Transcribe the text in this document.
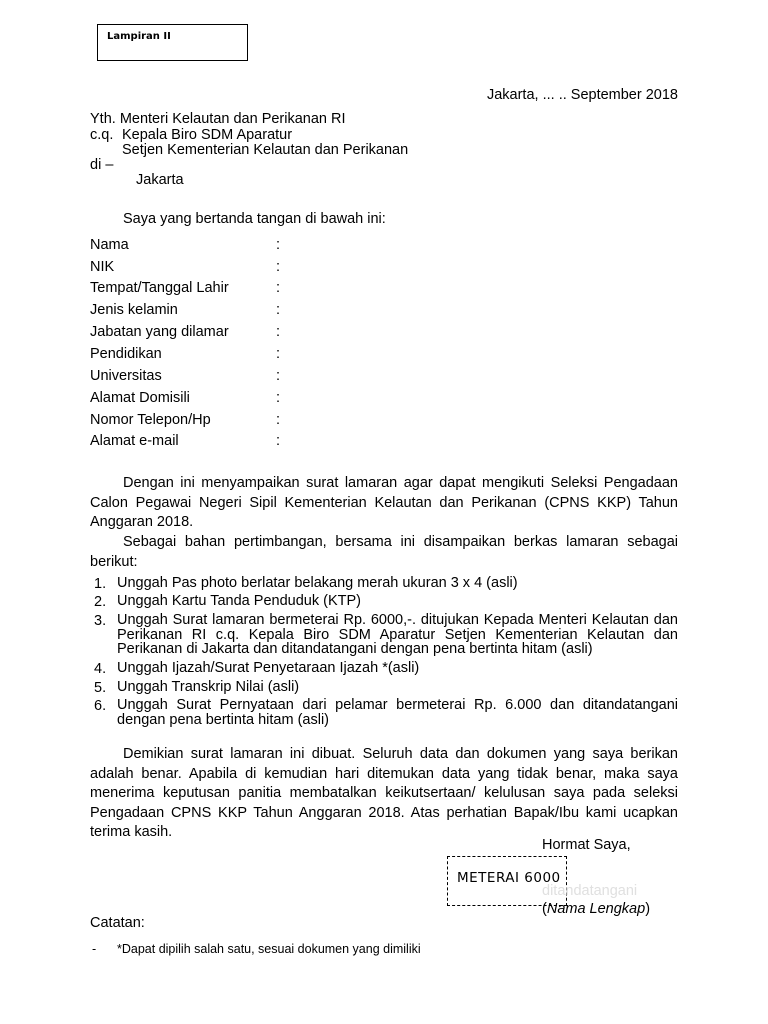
Lampiran II
Jakarta, ... .. September 2018
Yth. Menteri Kelautan dan Perikanan RI
c.q. Kepala Biro SDM Aparatur
Setjen Kementerian Kelautan dan Perikanan
di –
Jakarta
Saya yang bertanda tangan di bawah ini:
Nama	:
NIK	:
Tempat/Tanggal Lahir	:
Jenis kelamin	:
Jabatan yang dilamar	:
Pendidikan	:
Universitas	:
Alamat Domisili	:
Nomor Telepon/Hp	:
Alamat e-mail	:
Dengan ini menyampaikan surat lamaran agar dapat mengikuti Seleksi Pengadaan Calon Pegawai Negeri Sipil Kementerian Kelautan dan Perikanan (CPNS KKP) Tahun Anggaran 2018.
Sebagai bahan pertimbangan, bersama ini disampaikan berkas lamaran sebagai berikut:
1. Unggah Pas photo berlatar belakang merah ukuran 3 x 4 (asli)
2. Unggah Kartu Tanda Penduduk (KTP)
3. Unggah Surat lamaran bermeterai Rp. 6000,-. ditujukan Kepada Menteri Kelautan dan Perikanan RI c.q. Kepala Biro SDM Aparatur Setjen Kementerian Kelautan dan Perikanan di Jakarta dan ditandatangani dengan pena bertinta hitam (asli)
4. Unggah Ijazah/Surat Penyetaraan Ijazah *(asli)
5. Unggah Transkrip Nilai (asli)
6. Unggah Surat Pernyataan dari pelamar bermeterai Rp. 6.000 dan ditandatangani dengan pena bertinta hitam (asli)
Demikian surat lamaran ini dibuat. Seluruh data dan dokumen yang saya berikan adalah benar. Apabila di kemudian hari ditemukan data yang tidak benar, maka saya menerima keputusan panitia membatalkan keikutsertaan/ kelulusan saya pada seleksi Pengadaan CPNS KKP Tahun Anggaran 2018. Atas perhatian Bapak/Ibu kami ucapkan terima kasih.
Hormat Saya,
METERAI 6000
ditandatangani
(Nama Lengkap)
Catatan:
- *Dapat dipilih salah satu, sesuai dokumen yang dimiliki
